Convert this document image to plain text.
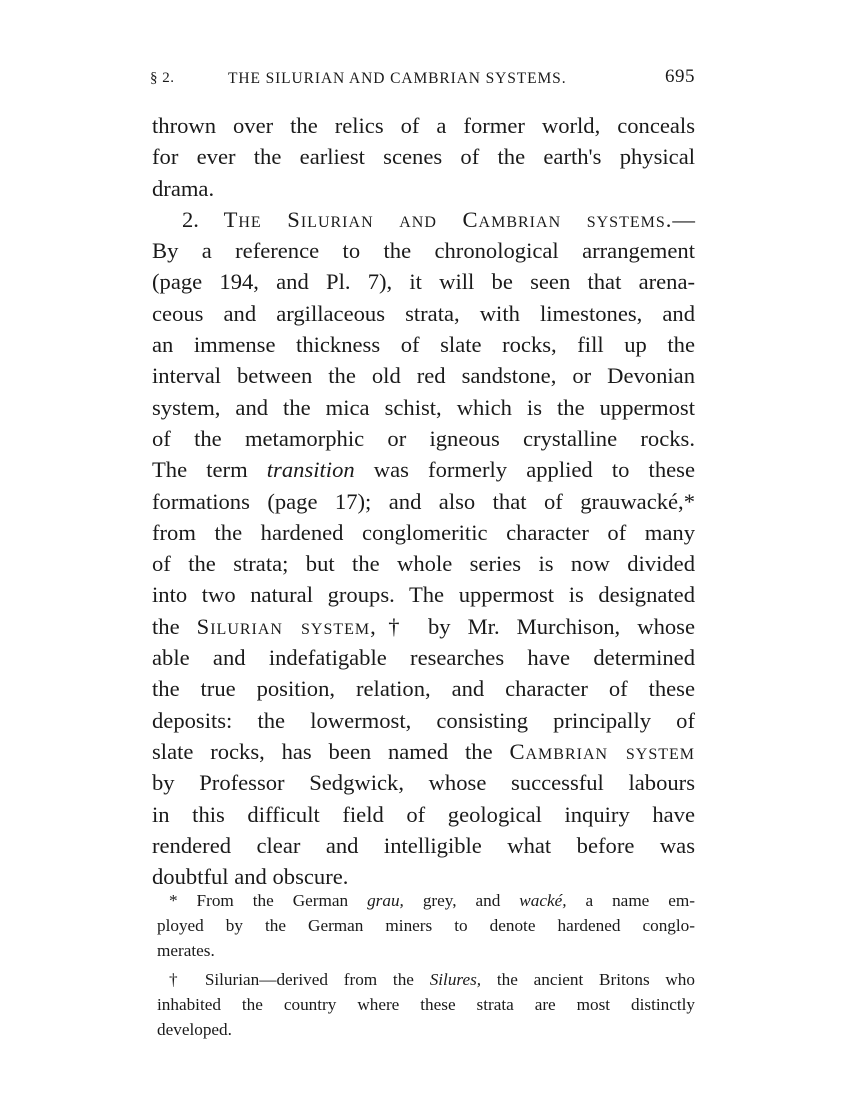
§ 2.	THE SILURIAN AND CAMBRIAN SYSTEMS.	695
thrown over the relics of a former world, conceals
for ever the earliest scenes of the earth's physical
drama.
2. The Silurian and Cambrian systems.—
By a reference to the chronological arrangement
(page 194, and Pl. 7), it will be seen that arena-
ceous and argillaceous strata, with limestones, and
an immense thickness of slate rocks, fill up the
interval between the old red sandstone, or Devonian
system, and the mica schist, which is the uppermost
of the metamorphic or igneous crystalline rocks.
The term transition was formerly applied to these
formations (page 17); and also that of grauwacké,*
from the hardened conglomeritic character of many
of the strata; but the whole series is now divided
into two natural groups. The uppermost is designated
the Silurian system,† by Mr. Murchison, whose
able and indefatigable researches have determined
the true position, relation, and character of these
deposits: the lowermost, consisting principally of
slate rocks, has been named the Cambrian system
by Professor Sedgwick, whose successful labours
in this difficult field of geological inquiry have
rendered clear and intelligible what before was
doubtful and obscure.
* From the German grau, grey, and wacké, a name em-
ployed by the German miners to denote hardened conglo-
merates.
† Silurian—derived from the Silures, the ancient Britons who
inhabited the country where these strata are most distinctly
developed.
